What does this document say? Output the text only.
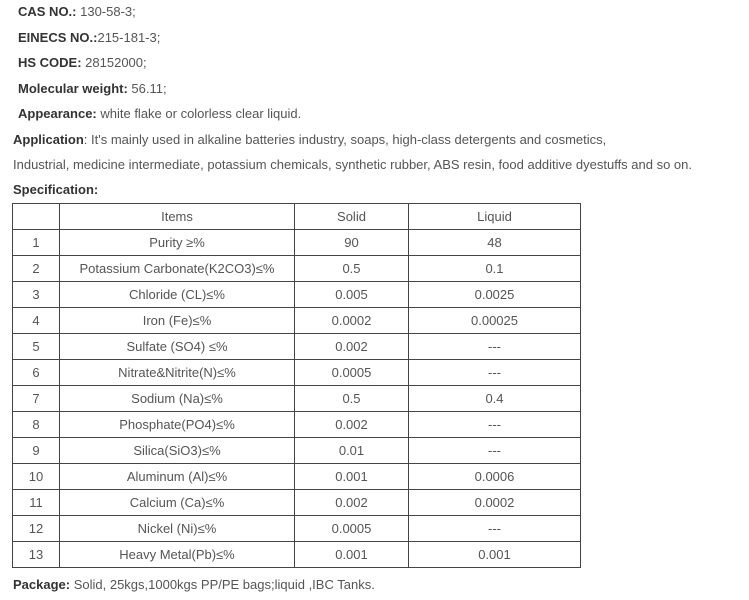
CAS NO.: 130-58-3;
EINECS NO.:215-181-3;
HS CODE: 28152000;
Molecular weight: 56.11;
Appearance: white flake or colorless clear liquid.
Application: It's mainly used in alkaline batteries industry, soaps, high-class detergents and cosmetics,
Industrial, medicine intermediate, potassium chemicals, synthetic rubber, ABS resin, food additive dyestuffs and so on.
Specification:
	Items	Solid	Liquid
1	Purity ≥%	90	48
2	Potassium Carbonate(K2CO3)≤%	0.5	0.1
3	Chloride (CL)≤%	0.005	0.0025
4	Iron (Fe)≤%	0.0002	0.00025
5	Sulfate (SO4) ≤%	0.002	---
6	Nitrate&Nitrite(N)≤%	0.0005	---
7	Sodium (Na)≤%	0.5	0.4
8	Phosphate(PO4)≤%	0.002	---
9	Silica(SiO3)≤%	0.01	---
10	Aluminum (Al)≤%	0.001	0.0006
11	Calcium (Ca)≤%	0.002	0.0002
12	Nickel (Ni)≤%	0.0005	---
13	Heavy Metal(Pb)≤%	0.001	0.001
Package: Solid, 25kgs,1000kgs PP/PE bags;liquid ,IBC Tanks.
